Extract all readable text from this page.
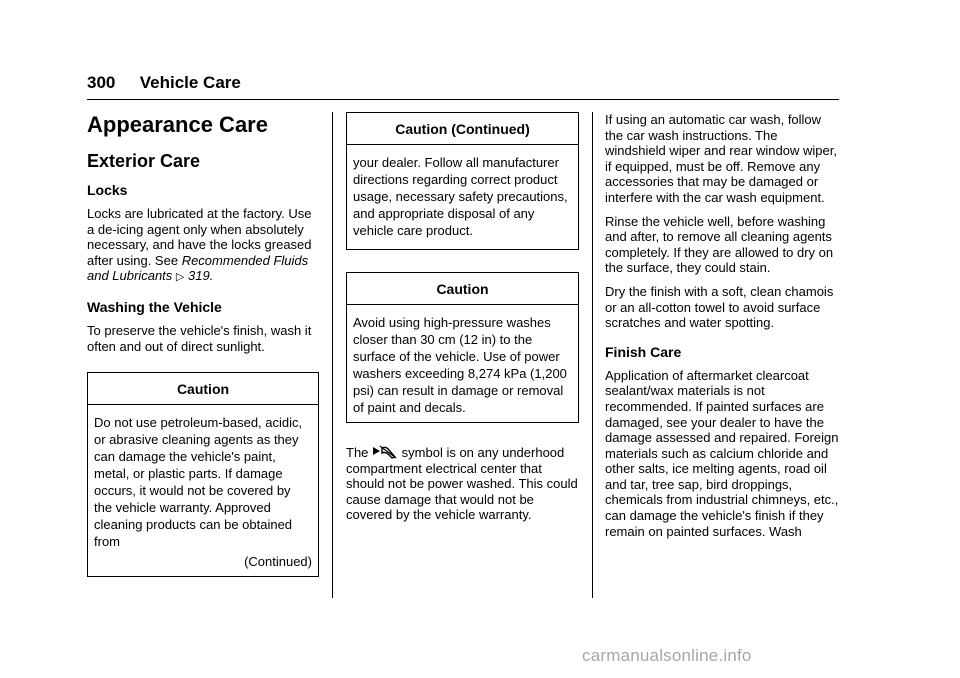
300 Vehicle Care
Appearance Care
Exterior Care
Locks

Locks are lubricated at the factory. Use a de-icing agent only when absolutely necessary, and have the locks greased after using. See Recommended Fluids and Lubricants ▷ 319.

Washing the Vehicle

To preserve the vehicle's finish, wash it often and out of direct sunlight.

Caution
Do not use petroleum-based, acidic, or abrasive cleaning agents as they can damage the vehicle's paint, metal, or plastic parts. If damage occurs, it would not be covered by the vehicle warranty. Approved cleaning products can be obtained from
(Continued)
Caution (Continued)
your dealer. Follow all manufacturer directions regarding correct product usage, necessary safety precautions, and appropriate disposal of any vehicle care product.
Caution
Avoid using high-pressure washes closer than 30 cm (12 in) to the surface of the vehicle. Use of power washers exceeding 8,274 kPa (1,200 psi) can result in damage or removal of paint and decals.

The	symbol is on any underhood compartment electrical center that should not be power washed. This could cause damage that would not be covered by the vehicle warranty.

If using an automatic car wash, follow the car wash instructions. The windshield wiper and rear window wiper, if equipped, must be off. Remove any accessories that may be damaged or interfere with the car wash equipment.

Rinse the vehicle well, before washing and after, to remove all cleaning agents completely. If they are allowed to dry on the surface, they could stain.

Dry the finish with a soft, clean chamois or an all-cotton towel to avoid surface scratches and water spotting.

Finish Care

Application of aftermarket clearcoat sealant/wax materials is not recommended. If painted surfaces are damaged, see your dealer to have the damage assessed and repaired. Foreign materials such as calcium chloride and other salts, ice melting agents, road oil and tar, tree sap, bird droppings, chemicals from industrial chimneys, etc., can damage the vehicle's finish if they remain on painted surfaces. Wash

carmanualsonline.info
